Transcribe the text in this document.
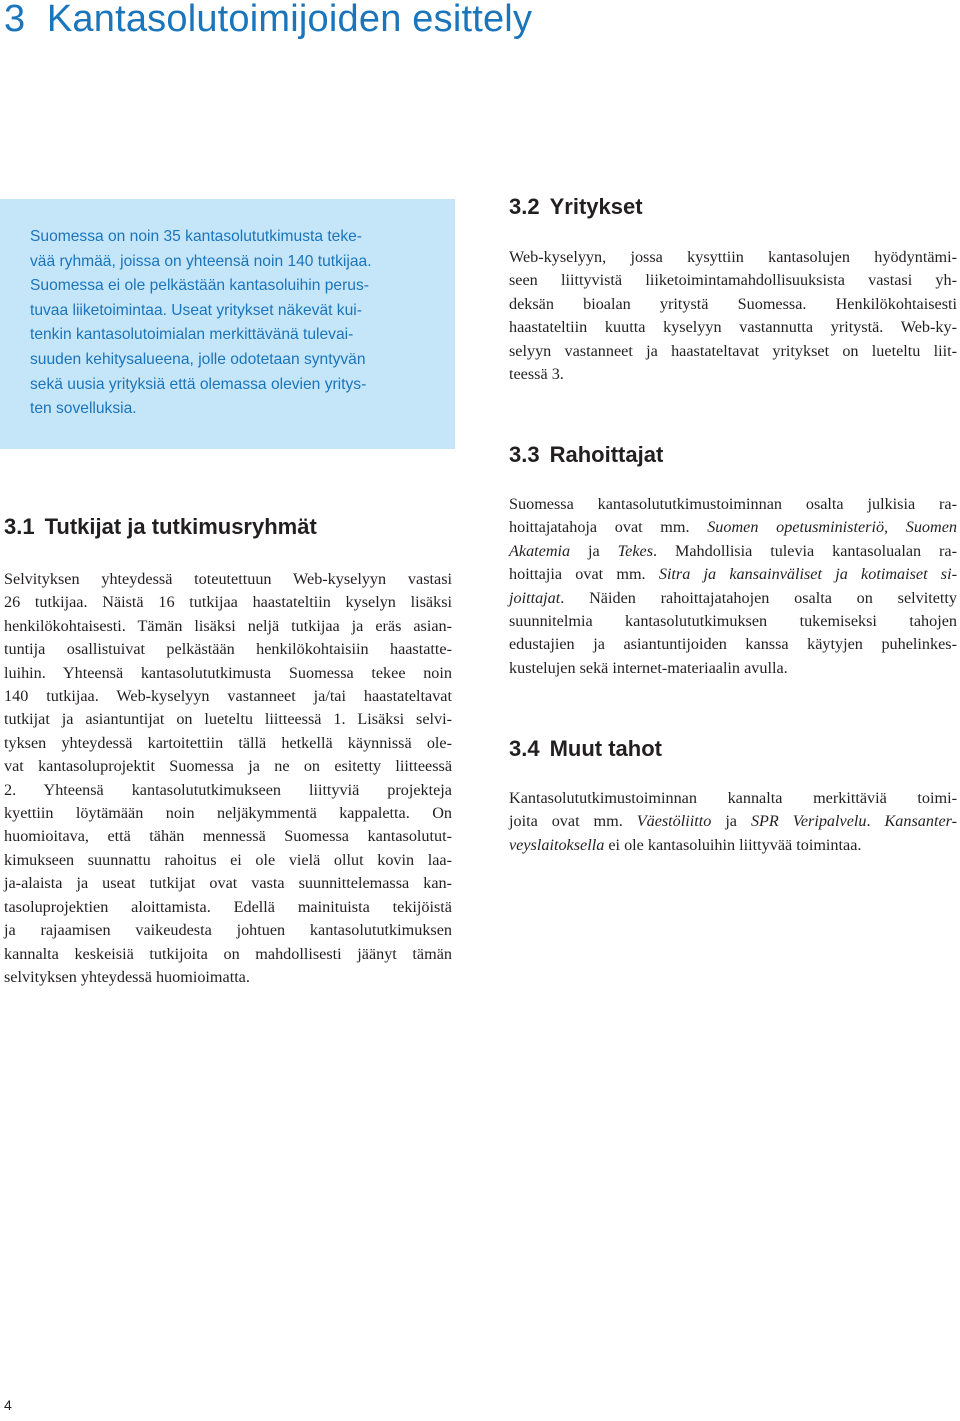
3 Kantasolutoimijoiden esittely

Suomessa on noin 35 kantasolututkimusta teke-
vää ryhmää, joissa on yhteensä noin 140 tutkijaa.
Suomessa ei ole pelkästään kantasoluihin perus-
tuvaa liiketoimintaa. Useat yritykset näkevät kui-
tenkin kantasolutoimialan merkittävänä tulevai-
suuden kehitysalueena, jolle odotetaan syntyvän
sekä uusia yrityksiä että olemassa olevien yritys-
ten sovelluksia.

3.1 Tutkijat ja tutkimusryhmät
Selvityksen yhteydessä toteutettuun Web-kyselyyn vastasi
26 tutkijaa. Näistä 16 tutkijaa haastateltiin kyselyn lisäksi
henkilökohtaisesti. Tämän lisäksi neljä tutkijaa ja eräs asian-
tuntija osallistuivat pelkästään henkilökohtaisiin haastatte-
luihin. Yhteensä kantasolututkimusta Suomessa tekee noin
140 tutkijaa. Web-kyselyyn vastanneet ja/tai haastateltavat
tutkijat ja asiantuntijat on lueteltu liitteessä 1. Lisäksi selvi-
tyksen yhteydessä kartoitettiin tällä hetkellä käynnissä ole-
vat kantasoluprojektit Suomessa ja ne on esitetty liitteessä
2. Yhteensä kantasolututkimukseen liittyviä projekteja
kyettiin löytämään noin neljäkymmentä kappaletta. On
huomioitava, että tähän mennessä Suomessa kantasolutut-
kimukseen suunnattu rahoitus ei ole vielä ollut kovin laa-
ja-alaista ja useat tutkijat ovat vasta suunnittelemassa kan-
tasoluprojektien aloittamista. Edellä mainituista tekijöistä
ja rajaamisen vaikeudesta johtuen kantasolututkimuksen
kannalta keskeisiä tutkijoita on mahdollisesti jäänyt tämän
selvityksen yhteydessä huomioimatta.
3.2 Yritykset
Web-kyselyyn, jossa kysyttiin kantasolujen hyödyntämi-
seen liittyvistä liiketoimintamahdollisuuksista vastasi yh-
deksän bioalan yritystä Suomessa. Henkilökohtaisesti
haastateltiin kuutta kyselyyn vastannutta yritystä. Web-ky-
selyyn vastanneet ja haastateltavat yritykset on lueteltu liit-
teessä 3.
3.3 Rahoittajat
Suomessa kantasolututkimustoiminnan osalta julkisia ra-
hoittajatahoja ovat mm. Suomen opetusministeriö, Suomen
Akatemia ja Tekes. Mahdollisia tulevia kantasolualan ra-
hoittajia ovat mm. Sitra ja kansainväliset ja kotimaiset si-
joittajat. Näiden rahoittajatahojen osalta on selvitetty
suunnitelmia kantasolututkimuksen tukemiseksi tahojen
edustajien ja asiantuntijoiden kanssa käytyjen puhelinkes-
kustelujen sekä internet-materiaalin avulla.
3.4 Muut tahot
Kantasolututkimustoiminnan kannalta merkittäviä toimi-
joita ovat mm. Väestöliitto ja SPR Veripalvelu. Kansanter-
veyslaitoksella ei ole kantasoluihin liittyvää toimintaa.
4
